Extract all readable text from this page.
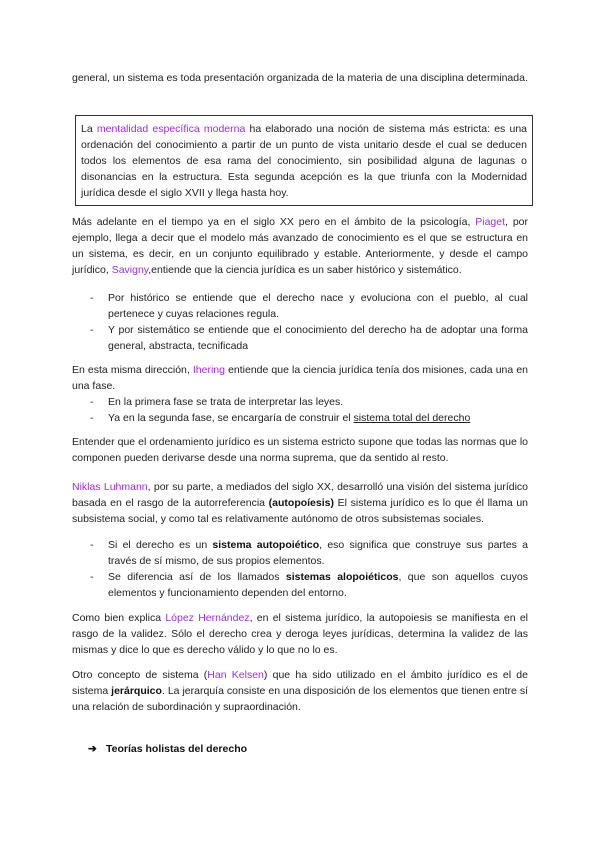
general, un sistema es toda presentación organizada de la materia de una disciplina determinada.

La mentalidad específica moderna ha elaborado una noción de sistema más estricta: es una ordenación del conocimiento a partir de un punto de vista unitario desde el cual se deducen todos los elementos de esa rama del conocimiento, sin posibilidad alguna de lagunas o disonancias en la estructura. Esta segunda acepción es la que triunfa con la Modernidad jurídica desde el siglo XVII y llega hasta hoy.

Más adelante en el tiempo ya en el siglo XX pero en el ámbito de la psicología, Piaget, por ejemplo, llega a decir que el modelo más avanzado de conocimiento es el que se estructura en un sistema, es decir, en un conjunto equilibrado y estable. Anteriormente, y desde el campo jurídico, Savigny,entiende que la ciencia jurídica es un saber histórico y sistemático.

- Por histórico se entiende que el derecho nace y evoluciona con el pueblo, al cual pertenece y cuyas relaciones regula.
- Y por sistemático se entiende que el conocimiento del derecho ha de adoptar una forma general, abstracta, tecnificada

En esta misma dirección, Ihering entiende que la ciencia jurídica tenía dos misiones, cada una en una fase.

- En la primera fase se trata de interpretar las leyes.
- Ya en la segunda fase, se encargaría de construir el sistema total del derecho

Entender que el ordenamiento jurídico es un sistema estricto supone que todas las normas que lo componen pueden derivarse desde una norma suprema, que da sentido al resto.

Niklas Luhmann, por su parte, a mediados del siglo XX, desarrolló una visión del sistema jurídico basada en el rasgo de la autorreferencia (autopoíesis) El sistema jurídico es lo que él llama un subsistema social, y como tal es relativamente autónomo de otros subsistemas sociales.

- Si el derecho es un sistema autopoiético, eso significa que construye sus partes a través de sí mismo, de sus propios elementos.
- Se diferencia así de los llamados sistemas alopoiéticos, que son aquellos cuyos elementos y funcionamiento dependen del entorno.

Como bien explica López Hernández, en el sistema jurídico, la autopoiesis se manifiesta en el rasgo de la validez. Sólo el derecho crea y deroga leyes jurídicas, determina la validez de las mismas y dice lo que es derecho válido y lo que no lo es.

Otro concepto de sistema (Han Kelsen) que ha sido utilizado en el ámbito jurídico es el de sistema jerárquico. La jerarquía consiste en una disposición de los elementos que tienen entre sí una relación de subordinación y supraordinación.

➔ Teorías holistas del derecho
